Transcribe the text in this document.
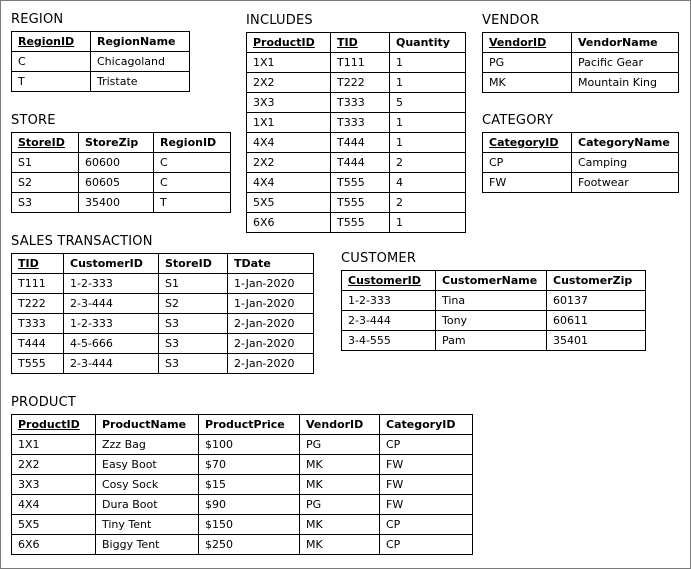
REGION
RegionID	RegionName
C	Chicagoland
T	Tristate
STORE
StoreID	StoreZip	RegionID
S1	60600	C
S2	60605	C
S3	35400	T
INCLUDES
ProductID	TID	Quantity
1X1	T111	1
2X2	T222	1
3X3	T333	5
1X1	T333	1
4X4	T444	1
2X2	T444	2
4X4	T555	4
5X5	T555	2
6X6	T555	1
VENDOR
VendorID	VendorName
PG	Pacific Gear
MK	Mountain King
CATEGORY
CategoryID	CategoryName
CP	Camping
FW	Footwear
SALES TRANSACTION
TID	CustomerID	StoreID	TDate
T111	1-2-333	S1	1-Jan-2020
T222	2-3-444	S2	1-Jan-2020
T333	1-2-333	S3	2-Jan-2020
T444	4-5-666	S3	2-Jan-2020
T555	2-3-444	S3	2-Jan-2020
CUSTOMER
CustomerID	CustomerName	CustomerZip
1-2-333	Tina	60137
2-3-444	Tony	60611
3-4-555	Pam	35401
PRODUCT
ProductID	ProductName	ProductPrice	VendorID	CategoryID
1X1	Zzz Bag	$100	PG	CP
2X2	Easy Boot	$70	MK	FW
3X3	Cosy Sock	$15	MK	FW
4X4	Dura Boot	$90	PG	FW
5X5	Tiny Tent	$150	MK	CP
6X6	Biggy Tent	$250	MK	CP
